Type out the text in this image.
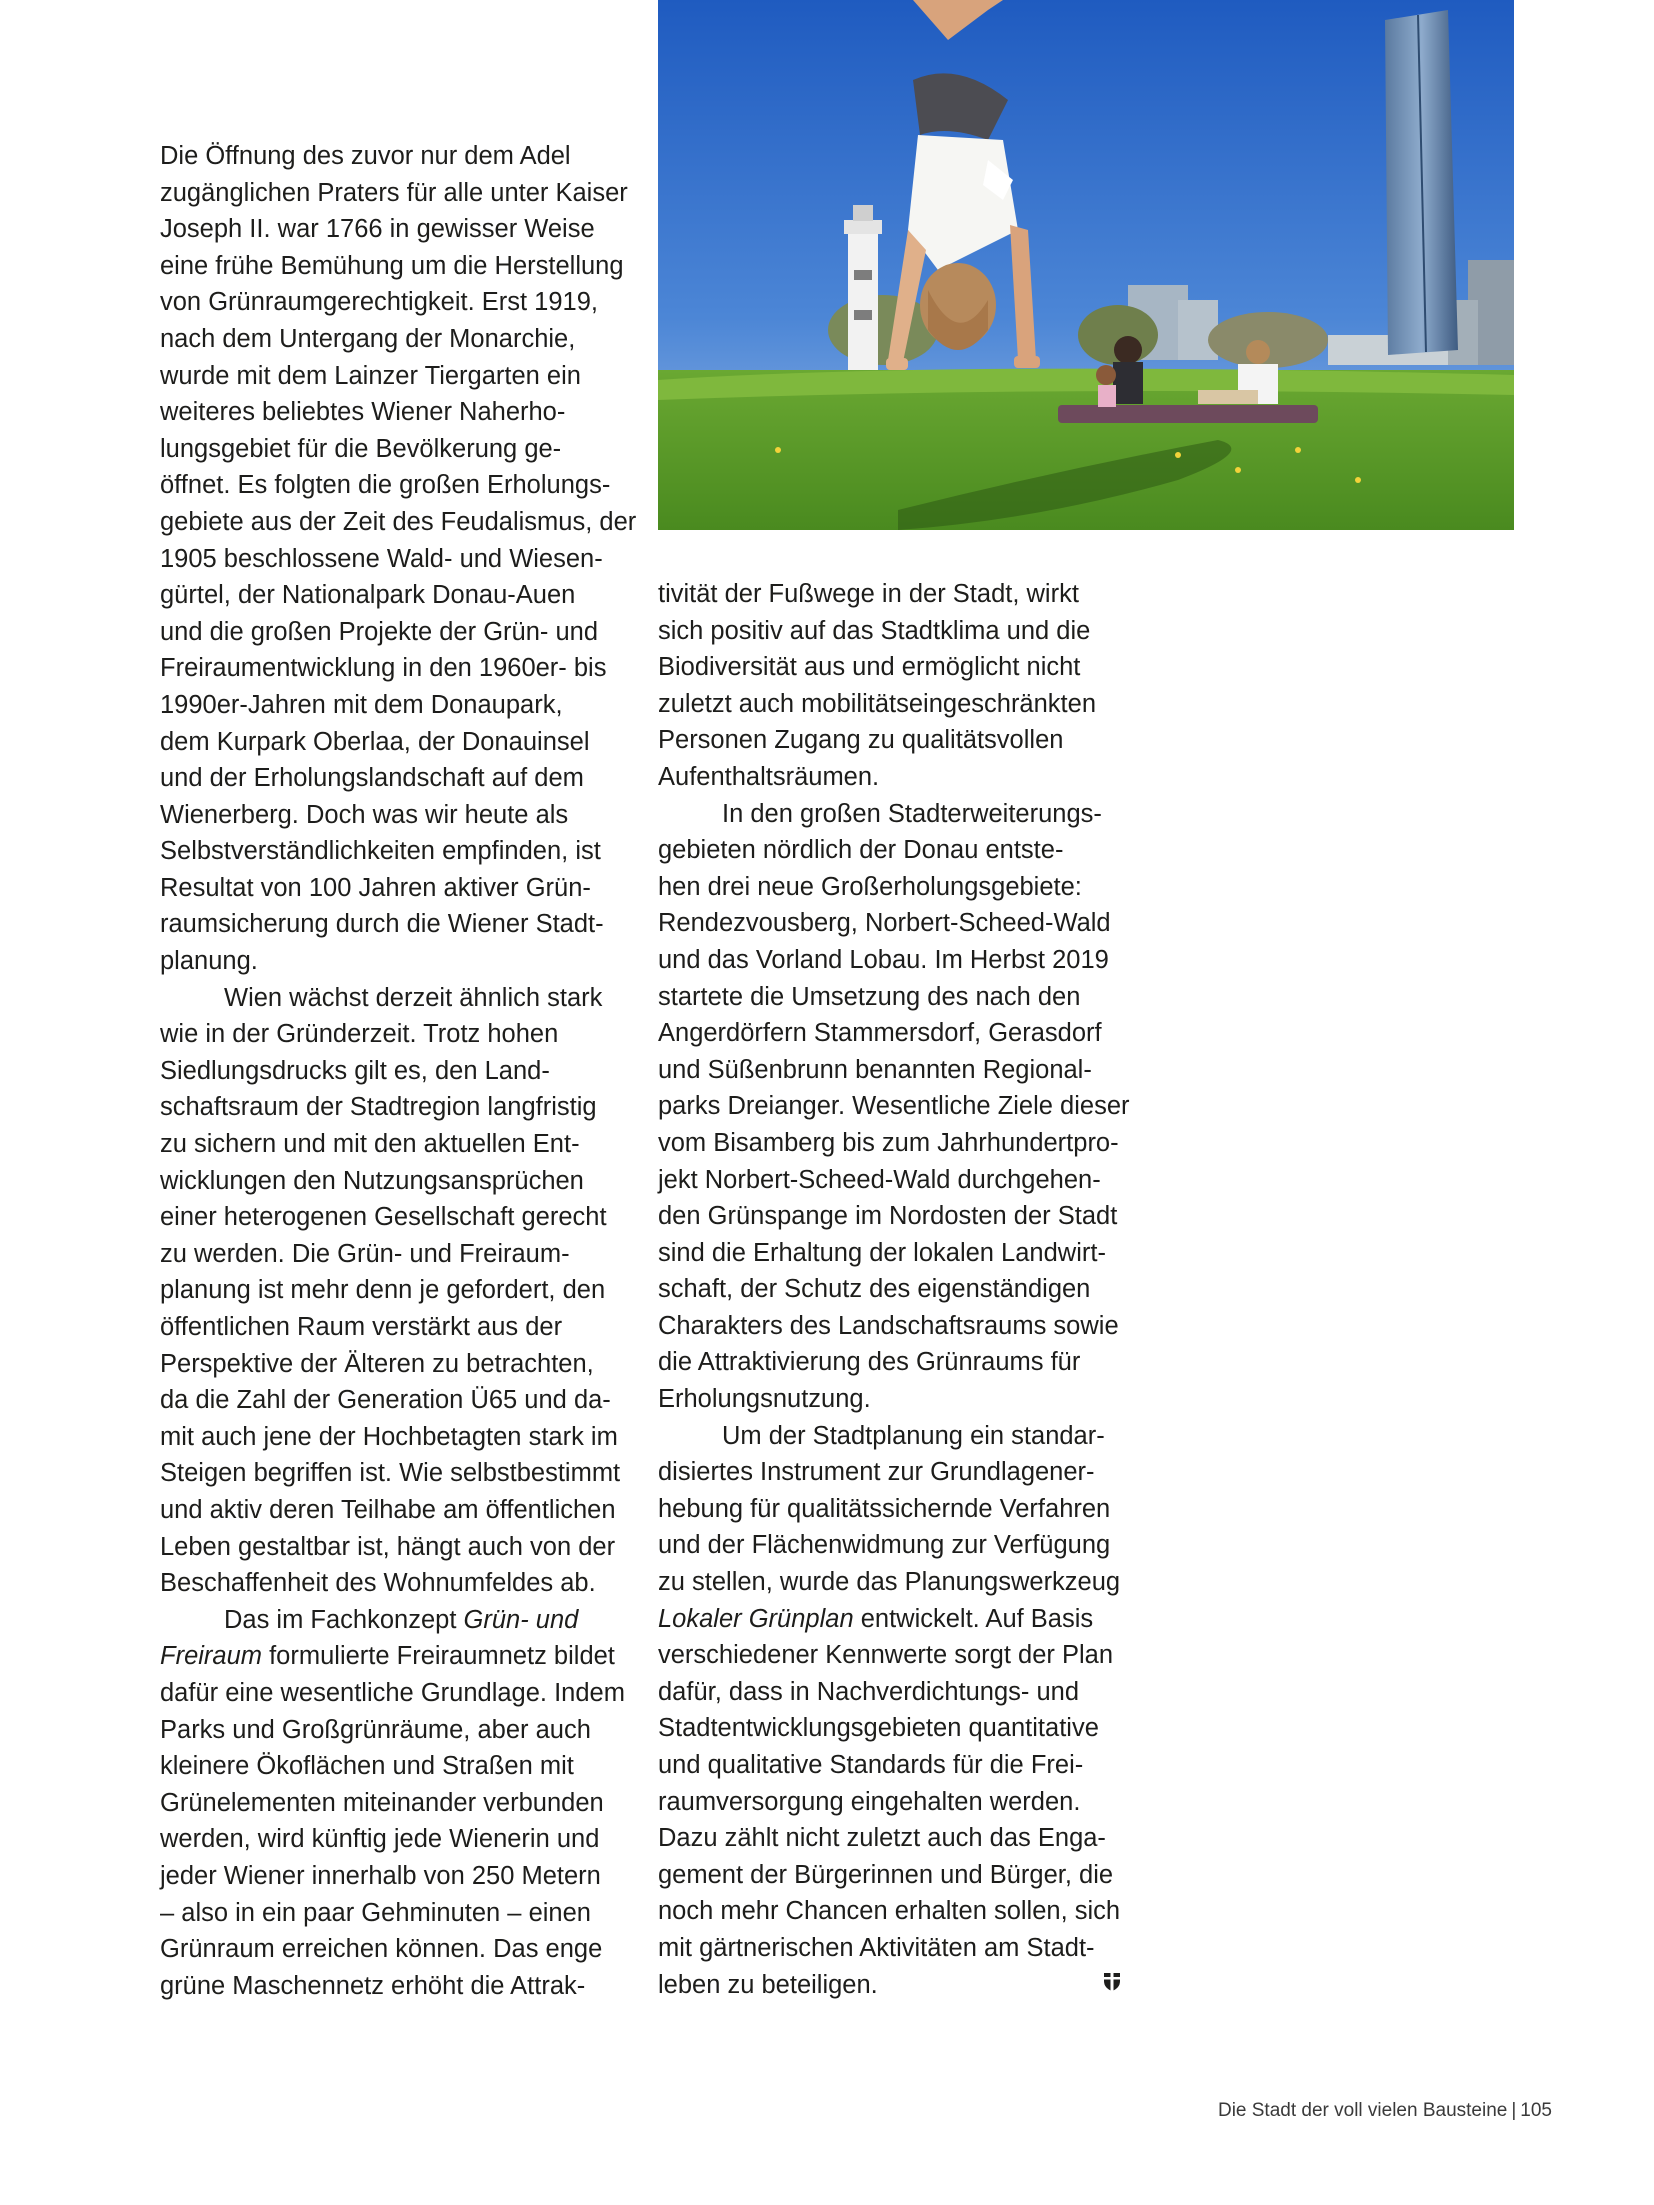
Die Öffnung des zuvor nur dem Adel
zugänglichen Praters für alle unter Kaiser
Joseph II. war 1766 in gewisser Weise
eine frühe Bemühung um die Herstellung
von Grünraumgerechtigkeit. Erst 1919,
nach dem Untergang der Monarchie,
wurde mit dem Lainzer Tiergarten ein
weiteres beliebtes Wiener Naherho-
lungsgebiet für die Bevölkerung ge-
öffnet. Es folgten die großen Erholungs-
gebiete aus der Zeit des Feudalismus, der
1905 beschlossene Wald- und Wiesen-
gürtel, der Nationalpark Donau-Auen
und die großen Projekte der Grün- und
Freiraumentwicklung in den 1960er- bis
1990er-Jahren mit dem Donaupark,
dem Kurpark Oberlaa, der Donauinsel
und der Erholungslandschaft auf dem
Wienerberg. Doch was wir heute als
Selbstverständlichkeiten empfinden, ist
Resultat von 100 Jahren aktiver Grün-
raumsicherung durch die Wiener Stadt-
planung.

Wien wächst derzeit ähnlich stark
wie in der Gründerzeit. Trotz hohen
Siedlungsdrucks gilt es, den Land-
schaftsraum der Stadtregion langfristig
zu sichern und mit den aktuellen Ent-
wicklungen den Nutzungsansprüchen
einer heterogenen Gesellschaft gerecht
zu werden. Die Grün- und Freiraum-
planung ist mehr denn je gefordert, den
öffentlichen Raum verstärkt aus der
Perspektive der Älteren zu betrachten,
da die Zahl der Generation Ü65 und da-
mit auch jene der Hochbetagten stark im
Steigen begriffen ist. Wie selbstbestimmt
und aktiv deren Teilhabe am öffentlichen
Leben gestaltbar ist, hängt auch von der
Beschaffenheit des Wohnumfeldes ab.

Das im Fachkonzept Grün- und
Freiraum formulierte Freiraumnetz bildet
dafür eine wesentliche Grundlage. Indem
Parks und Großgrünräume, aber auch
kleinere Ökoflächen und Straßen mit
Grünelementen miteinander verbunden
werden, wird künftig jede Wienerin und
jeder Wiener innerhalb von 250 Metern
– also in ein paar Gehminuten – einen
Grünraum erreichen können. Das enge
grüne Maschennetz erhöht die Attrak-

tivität der Fußwege in der Stadt, wirkt
sich positiv auf das Stadtklima und die
Biodiversität aus und ermöglicht nicht
zuletzt auch mobilitätseingeschränkten
Personen Zugang zu qualitätsvollen
Aufenthaltsräumen.

In den großen Stadterweiterungs-
gebieten nördlich der Donau entste-
hen drei neue Großerholungsgebiete:
Rendezvousberg, Norbert-Scheed-Wald
und das Vorland Lobau. Im Herbst 2019
startete die Umsetzung des nach den
Angerdörfern Stammersdorf, Gerasdorf
und Süßenbrunn benannten Regional-
parks Dreianger. Wesentliche Ziele dieser
vom Bisamberg bis zum Jahrhundertpro-
jekt Norbert-Scheed-Wald durchgehen-
den Grünspange im Nordosten der Stadt
sind die Erhaltung der lokalen Landwirt-
schaft, der Schutz des eigenständigen
Charakters des Landschaftsraums sowie
die Attraktivierung des Grünraums für
Erholungsnutzung.

Um der Stadtplanung ein standar-
disiertes Instrument zur Grundlagener-
hebung für qualitätssichernde Verfahren
und der Flächenwidmung zur Verfügung
zu stellen, wurde das Planungswerkzeug
Lokaler Grünplan entwickelt. Auf Basis
verschiedener Kennwerte sorgt der Plan
dafür, dass in Nachverdichtungs- und
Stadtentwicklungsgebieten quantitative
und qualitative Standards für die Frei-
raumversorgung eingehalten werden.
Dazu zählt nicht zuletzt auch das Enga-
gement der Bürgerinnen und Bürger, die
noch mehr Chancen erhalten sollen, sich
mit gärtnerischen Aktivitäten am Stadt-
leben zu beteiligen.

Die Stadt der voll vielen Bausteine | 105
